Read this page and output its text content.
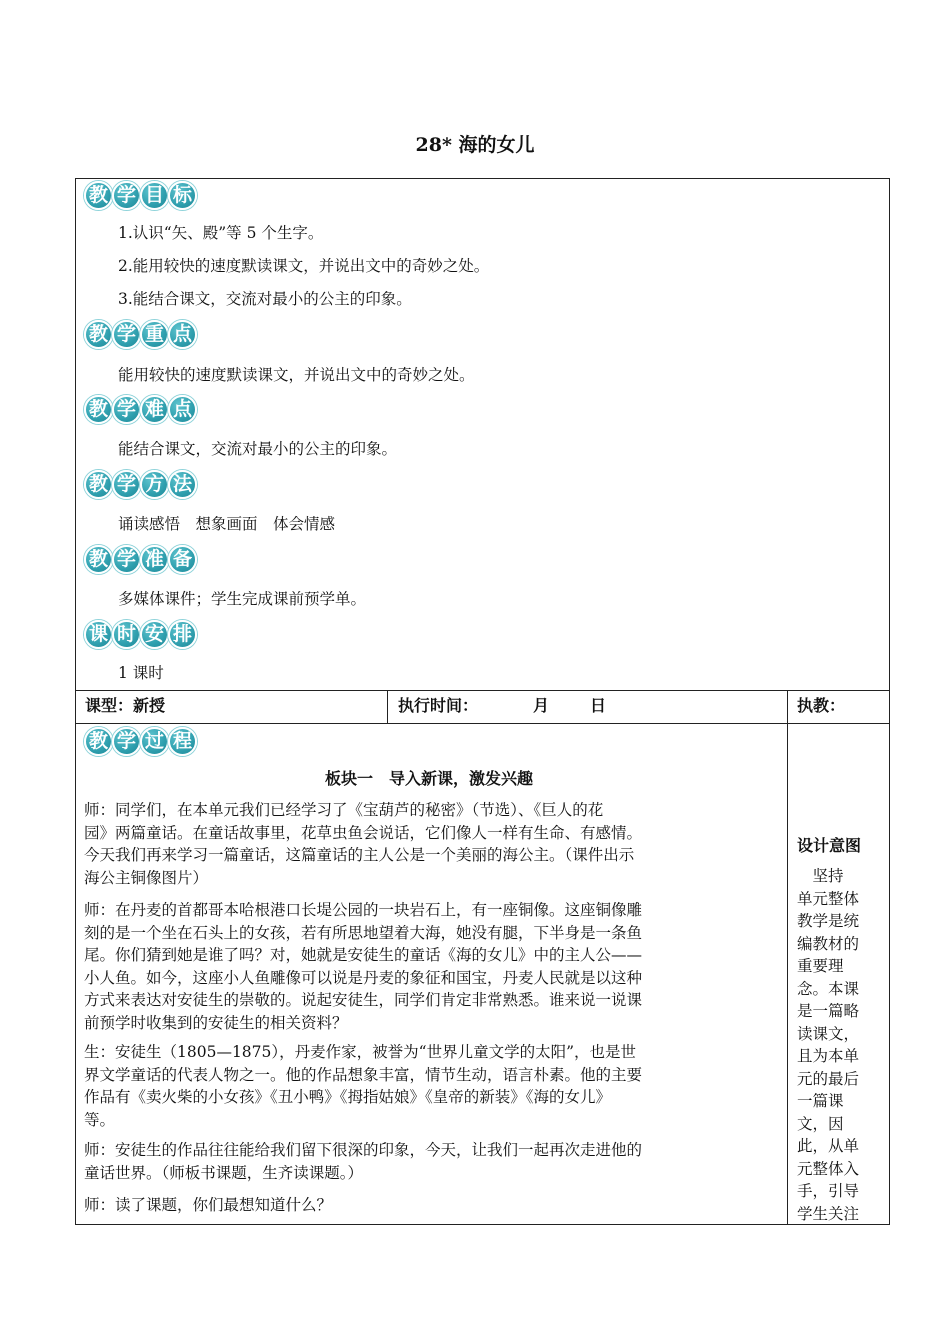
28* 海的女儿
教 学 目 标
1.认识“矢、殿”等 5 个生字。
2.能用较快的速度默读课文，并说出文中的奇妙之处。
3.能结合课文，交流对最小的公主的印象。
教 学 重 点
能用较快的速度默读课文，并说出文中的奇妙之处。
教 学 难 点
能结合课文，交流对最小的公主的印象。
教 学 方 法
诵读感悟　想象画面　体会情感
教 学 准 备
多媒体课件；学生完成课前预学单。
课 时 安 排
1 课时
课型：新授	执行时间：	月	日	执教：
教 学 过 程
板块一　导入新课，激发兴趣
师：同学们，在本单元我们已经学习了《宝葫芦的秘密》（节选）、《巨人的花
园》两篇童话。在童话故事里，花草虫鱼会说话，它们像人一样有生命、有感情。
今天我们再来学习一篇童话，这篇童话的主人公是一个美丽的海公主。（课件出示
海公主铜像图片）
师：在丹麦的首都哥本哈根港口长堤公园的一块岩石上，有一座铜像。这座铜像雕
刻的是一个坐在石头上的女孩，若有所思地望着大海，她没有腿，下半身是一条鱼
尾。你们猜到她是谁了吗？对，她就是安徒生的童话《海的女儿》中的主人公——
小人鱼。如今，这座小人鱼雕像可以说是丹麦的象征和国宝，丹麦人民就是以这种
方式来表达对安徒生的崇敬的。说起安徒生，同学们肯定非常熟悉。谁来说一说课
前预学时收集到的安徒生的相关资料？
生：安徒生（1805—1875），丹麦作家，被誉为“世界儿童文学的太阳”，也是世
界文学童话的代表人物之一。他的作品想象丰富，情节生动，语言朴素。他的主要
作品有《卖火柴的小女孩》《丑小鸭》《拇指姑娘》《皇帝的新装》《海的女儿》
等。
师：安徒生的作品往往能给我们留下很深的印象，今天，让我们一起再次走进他的
童话世界。（师板书课题，生齐读课题。）
师：读了课题，你们最想知道什么？
设计意图
　坚持
单元整体
教学是统
编教材的
重要理
念。本课
是一篇略
读课文，
且为本单
元的最后
一篇课
文，因
此，从单
元整体入
手，引导
学生关注
